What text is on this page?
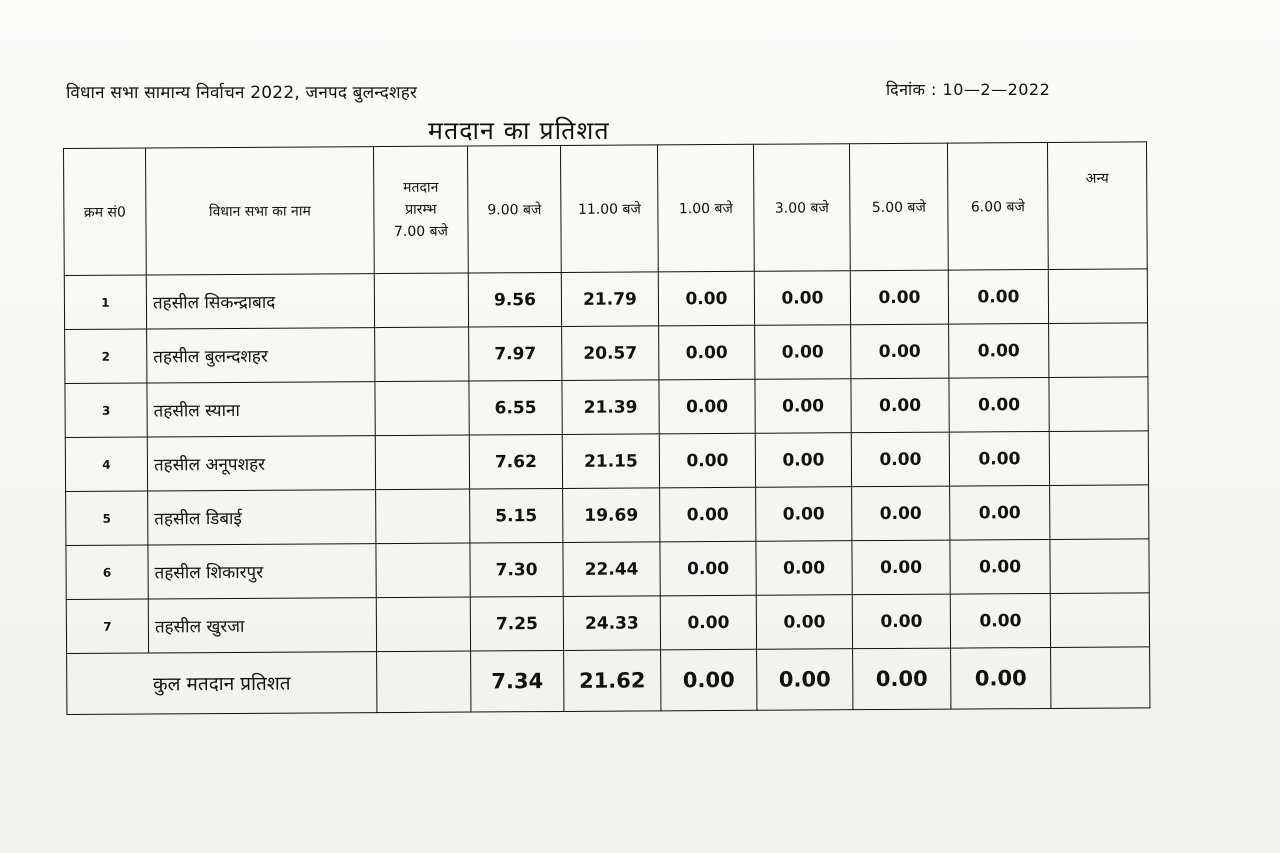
विधान सभा सामान्य निर्वाचन 2022, जनपद बुलन्दशहर	दिनांक : 10—2—2022
मतदान का प्रतिशत
क्रम सं0	विधान सभा का नाम	मतदान
प्रारम्भ
7.00 बजे	9.00 बजे	11.00 बजे	1.00 बजे	3.00 बजे	5.00 बजे	6.00 बजे	अन्य
1	तहसील सिकन्द्राबाद		9.56	21.79	0.00	0.00	0.00	0.00	
2	तहसील बुलन्दशहर		7.97	20.57	0.00	0.00	0.00	0.00	
3	तहसील स्याना		6.55	21.39	0.00	0.00	0.00	0.00	
4	तहसील अनूपशहर		7.62	21.15	0.00	0.00	0.00	0.00	
5	तहसील डिबाई		5.15	19.69	0.00	0.00	0.00	0.00	
6	तहसील शिकारपुर		7.30	22.44	0.00	0.00	0.00	0.00	
7	तहसील खुरजा		7.25	24.33	0.00	0.00	0.00	0.00	
कुल मतदान प्रतिशत			7.34	21.62	0.00	0.00	0.00	0.00	
